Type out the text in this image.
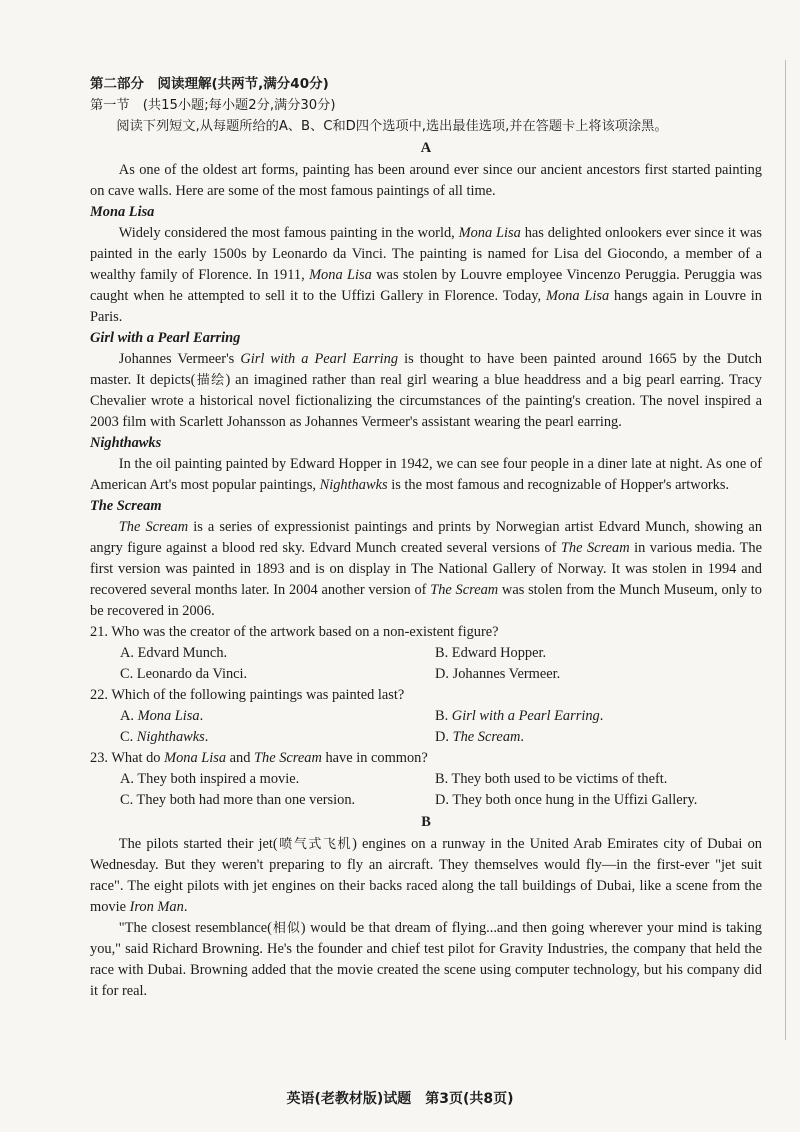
第二部分　阅读理解(共两节,满分40分)

第一节　(共15小题;每小题2分,满分30分)

阅读下列短文,从每题所给的A、B、C和D四个选项中,选出最佳选项,并在答题卡上将该项涂黑。

A

As one of the oldest art forms, painting has been around ever since our ancient ancestors first started painting on cave walls. Here are some of the most famous paintings of all time.

Mona Lisa

Widely considered the most famous painting in the world, Mona Lisa has delighted onlookers ever since it was painted in the early 1500s by Leonardo da Vinci. The painting is named for Lisa del Giocondo, a member of a wealthy family of Florence. In 1911, Mona Lisa was stolen by Louvre employee Vincenzo Peruggia. Peruggia was caught when he attempted to sell it to the Uffizi Gallery in Florence. Today, Mona Lisa hangs again in Louvre in Paris.

Girl with a Pearl Earring

Johannes Vermeer's Girl with a Pearl Earring is thought to have been painted around 1665 by the Dutch master. It depicts(描绘) an imagined rather than real girl wearing a blue headdress and a big pearl earring. Tracy Chevalier wrote a historical novel fictionalizing the circumstances of the painting's creation. The novel inspired a 2003 film with Scarlett Johansson as Johannes Vermeer's assistant wearing the pearl earring.

Nighthawks

In the oil painting painted by Edward Hopper in 1942, we can see four people in a diner late at night. As one of American Art's most popular paintings, Nighthawks is the most famous and recognizable of Hopper's artworks.

The Scream

The Scream is a series of expressionist paintings and prints by Norwegian artist Edvard Munch, showing an angry figure against a blood red sky. Edvard Munch created several versions of The Scream in various media. The first version was painted in 1893 and is on display in The National Gallery of Norway. It was stolen in 1994 and recovered several months later. In 2004 another version of The Scream was stolen from the Munch Museum, only to be recovered in 2006.

21. Who was the creator of the artwork based on a non-existent figure?

A. Edvard Munch.	B. Edward Hopper.
C. Leonardo da Vinci.	D. Johannes Vermeer.

22. Which of the following paintings was painted last?

A. Mona Lisa.	B. Girl with a Pearl Earring.
C. Nighthawks.	D. The Scream.

23. What do Mona Lisa and The Scream have in common?

A. They both inspired a movie.	B. They both used to be victims of theft.
C. They both had more than one version.	D. They both once hung in the Uffizi Gallery.

B

The pilots started their jet(喷气式飞机) engines on a runway in the United Arab Emirates city of Dubai on Wednesday. But they weren't preparing to fly an aircraft. They themselves would fly—in the first-ever "jet suit race". The eight pilots with jet engines on their backs raced along the tall buildings of Dubai, like a scene from the movie Iron Man.

"The closest resemblance(相似) would be that dream of flying...and then going wherever your mind is taking you," said Richard Browning. He's the founder and chief test pilot for Gravity Industries, the company that held the race with Dubai. Browning added that the movie created the scene using computer technology, but his company did it for real.

英语(老教材版)试题　第3页(共8页)
